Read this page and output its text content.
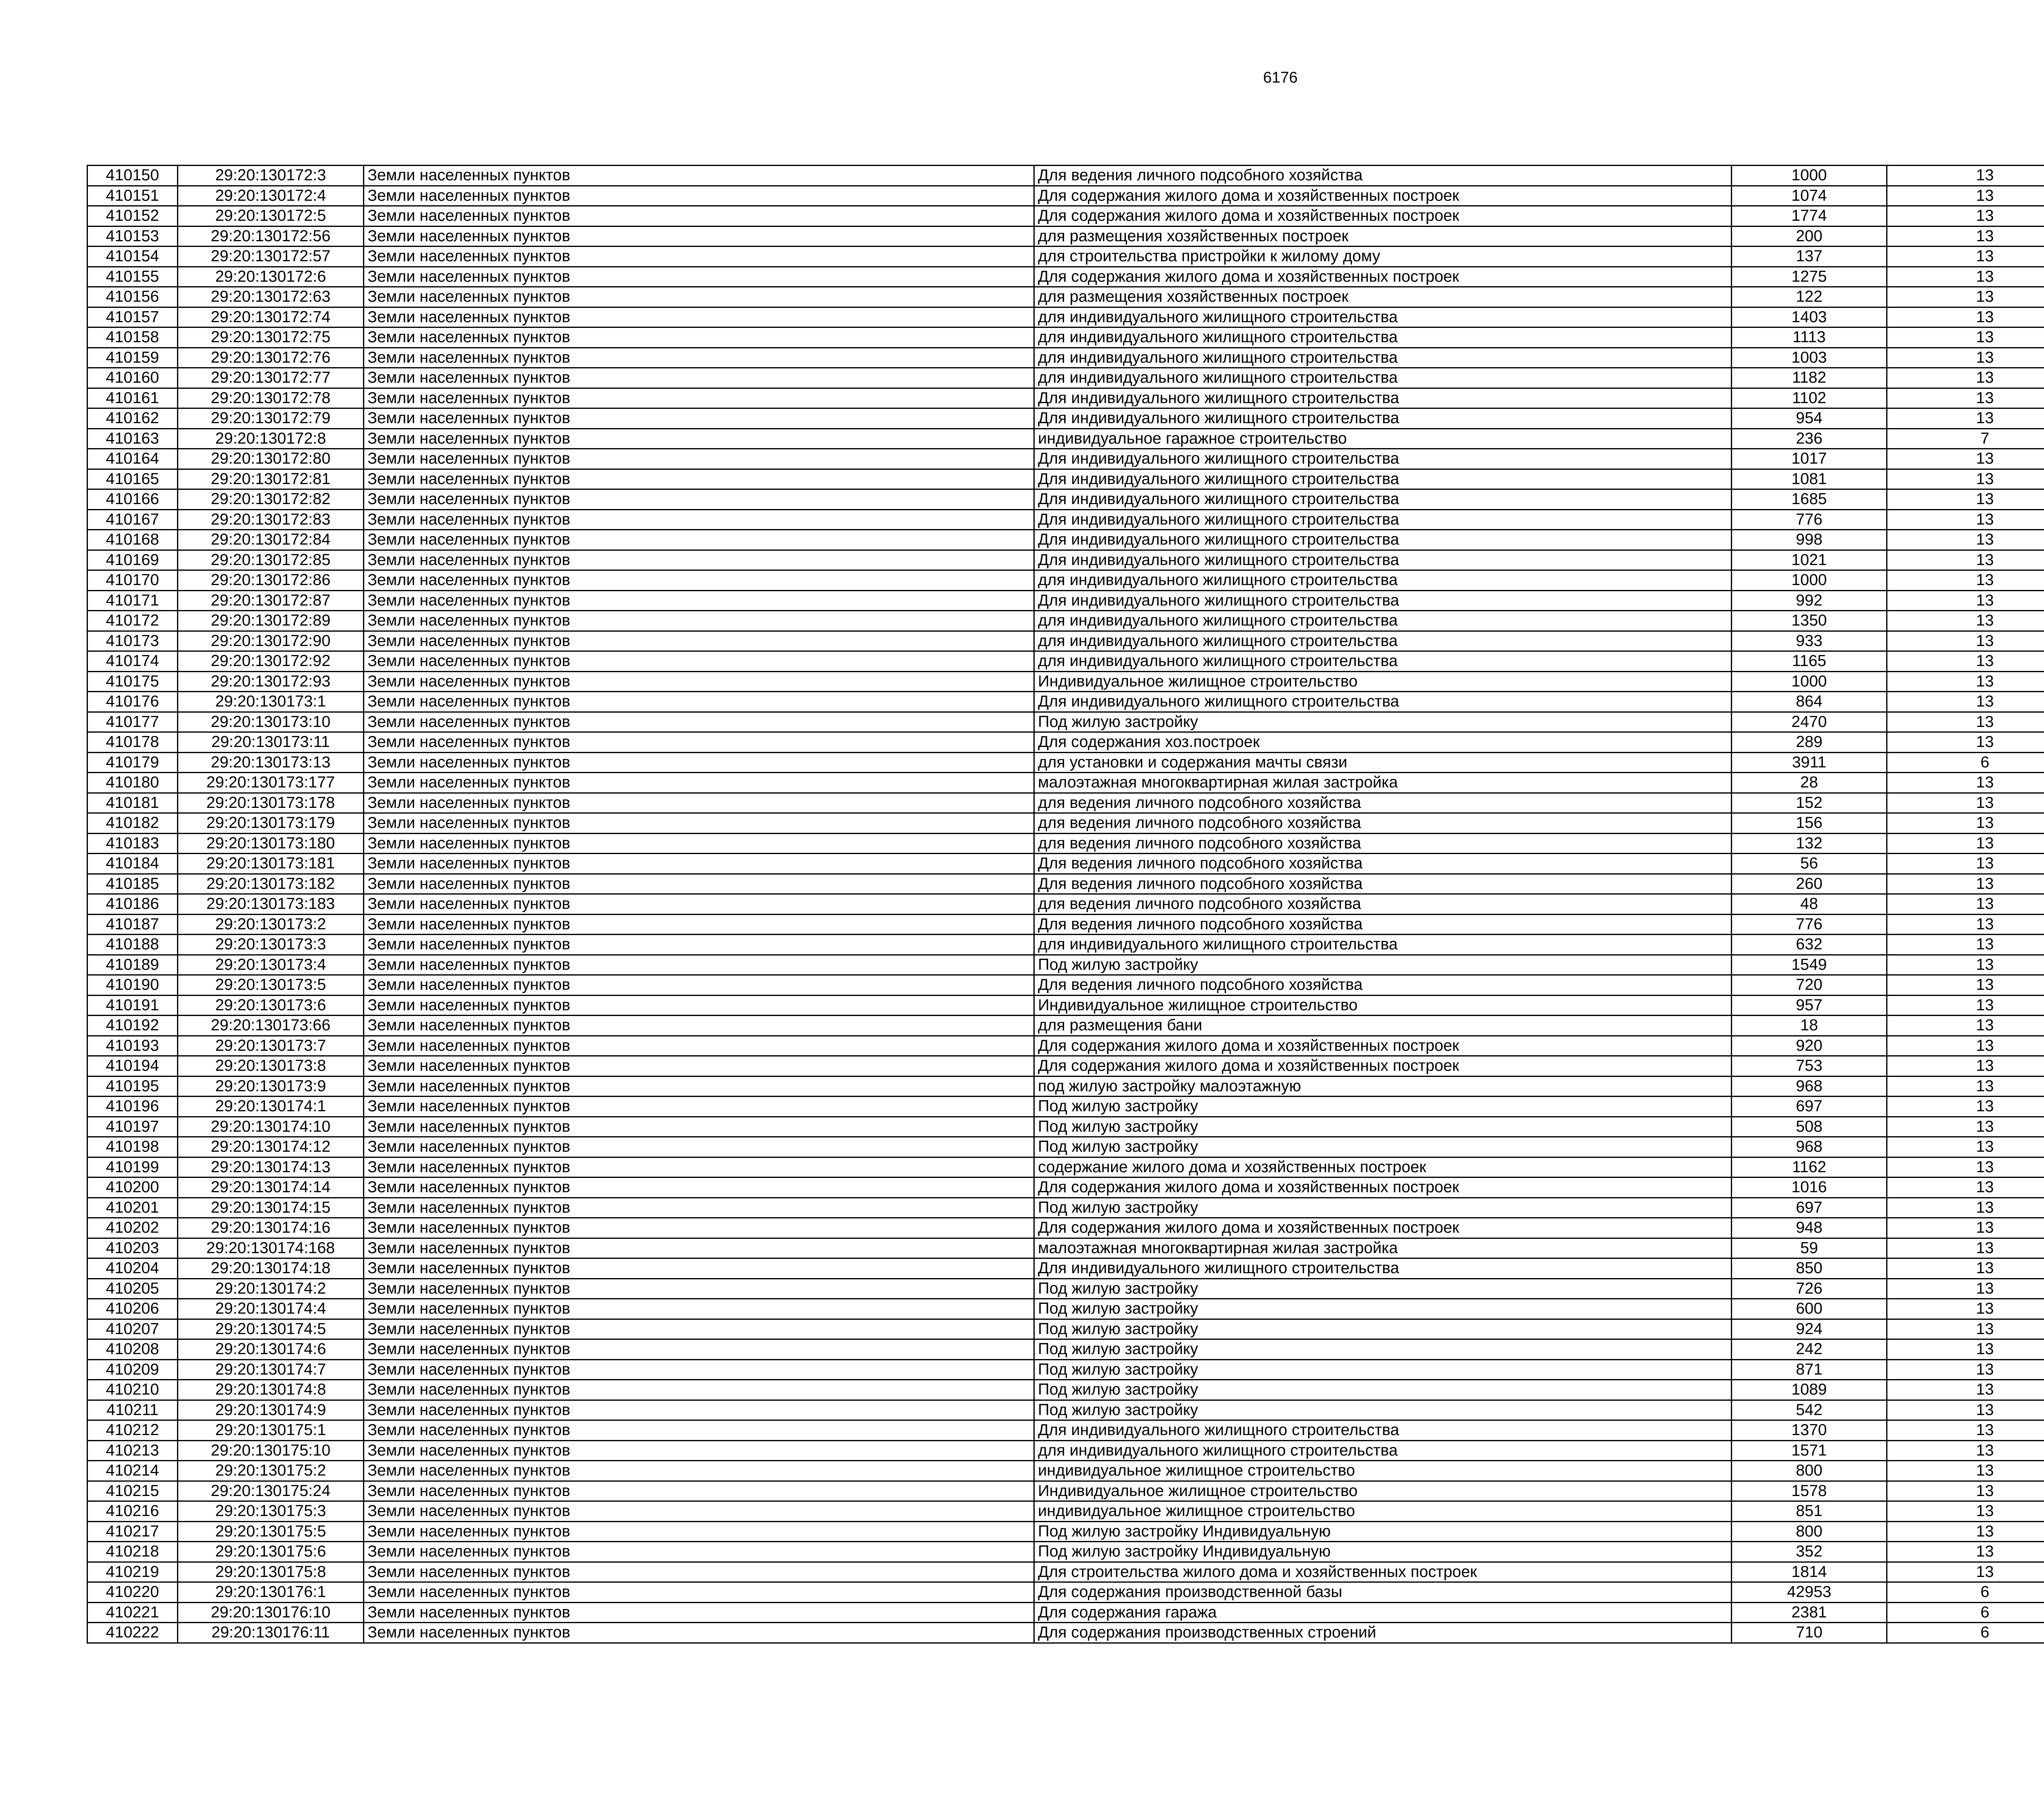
6176
410150	29:20:130172:3	Земли населенных пунктов	Для ведения личного подсобного хозяйства	1000	13		
410151	29:20:130172:4	Земли населенных пунктов	Для содержания жилого дома и хозяйственных построек	1074	13		
410152	29:20:130172:5	Земли населенных пунктов	Для содержания жилого дома и хозяйственных построек	1774	13		
410153	29:20:130172:56	Земли населенных пунктов	для размещения хозяйственных построек	200	13		
410154	29:20:130172:57	Земли населенных пунктов	для строительства пристройки к жилому дому	137	13		
410155	29:20:130172:6	Земли населенных пунктов	Для содержания жилого дома и хозяйственных построек	1275	13		
410156	29:20:130172:63	Земли населенных пунктов	для размещения хозяйственных построек	122	13		
410157	29:20:130172:74	Земли населенных пунктов	для индивидуального жилищного строительства	1403	13		
410158	29:20:130172:75	Земли населенных пунктов	для индивидуального жилищного строительства	1113	13		
410159	29:20:130172:76	Земли населенных пунктов	для индивидуального жилищного строительства	1003	13		
410160	29:20:130172:77	Земли населенных пунктов	для индивидуального жилищного строительства	1182	13		
410161	29:20:130172:78	Земли населенных пунктов	Для индивидуального жилищного строительства	1102	13		
410162	29:20:130172:79	Земли населенных пунктов	Для индивидуального жилищного строительства	954	13		
410163	29:20:130172:8	Земли населенных пунктов	индивидуальное гаражное строительство	236	7		
410164	29:20:130172:80	Земли населенных пунктов	Для индивидуального жилищного строительства	1017	13		
410165	29:20:130172:81	Земли населенных пунктов	Для индивидуального жилищного строительства	1081	13		
410166	29:20:130172:82	Земли населенных пунктов	Для индивидуального жилищного строительства	1685	13		
410167	29:20:130172:83	Земли населенных пунктов	Для индивидуального жилищного строительства	776	13		
410168	29:20:130172:84	Земли населенных пунктов	Для индивидуального жилищного строительства	998	13		
410169	29:20:130172:85	Земли населенных пунктов	Для индивидуального жилищного строительства	1021	13		
410170	29:20:130172:86	Земли населенных пунктов	для индивидуального жилищного строительства	1000	13		
410171	29:20:130172:87	Земли населенных пунктов	Для индивидуального жилищного строительства	992	13		
410172	29:20:130172:89	Земли населенных пунктов	для индивидуального жилищного строительства	1350	13		
410173	29:20:130172:90	Земли населенных пунктов	для индивидуального жилищного строительства	933	13		
410174	29:20:130172:92	Земли населенных пунктов	для индивидуального жилищного строительства	1165	13		
410175	29:20:130172:93	Земли населенных пунктов	Индивидуальное жилищное строительство	1000	13		
410176	29:20:130173:1	Земли населенных пунктов	Для индивидуального жилищного строительства	864	13		
410177	29:20:130173:10	Земли населенных пунктов	Под жилую застройку	2470	13		
410178	29:20:130173:11	Земли населенных пунктов	Для содержания хоз.построек	289	13		
410179	29:20:130173:13	Земли населенных пунктов	для установки и содержания мачты связи	3911	6		
410180	29:20:130173:177	Земли населенных пунктов	малоэтажная многоквартирная жилая застройка	28	13		
410181	29:20:130173:178	Земли населенных пунктов	для ведения личного подсобного хозяйства	152	13		
410182	29:20:130173:179	Земли населенных пунктов	для ведения личного подсобного хозяйства	156	13		
410183	29:20:130173:180	Земли населенных пунктов	для ведения личного подсобного хозяйства	132	13		
410184	29:20:130173:181	Земли населенных пунктов	Для ведения личного подсобного хозяйства	56	13		
410185	29:20:130173:182	Земли населенных пунктов	Для ведения личного подсобного хозяйства	260	13		
410186	29:20:130173:183	Земли населенных пунктов	для ведения личного подсобного хозяйства	48	13		
410187	29:20:130173:2	Земли населенных пунктов	Для ведения личного подсобного хозяйства	776	13		
410188	29:20:130173:3	Земли населенных пунктов	для индивидуального жилищного строительства	632	13		
410189	29:20:130173:4	Земли населенных пунктов	Под жилую застройку	1549	13		
410190	29:20:130173:5	Земли населенных пунктов	Для ведения личного подсобного хозяйства	720	13		
410191	29:20:130173:6	Земли населенных пунктов	Индивидуальное жилищное строительство	957	13		
410192	29:20:130173:66	Земли населенных пунктов	для размещения бани	18	13		
410193	29:20:130173:7	Земли населенных пунктов	Для содержания жилого дома и хозяйственных построек	920	13		
410194	29:20:130173:8	Земли населенных пунктов	Для содержания жилого дома и хозяйственных построек	753	13		
410195	29:20:130173:9	Земли населенных пунктов	под жилую застройку малоэтажную	968	13		
410196	29:20:130174:1	Земли населенных пунктов	Под жилую застройку	697	13		
410197	29:20:130174:10	Земли населенных пунктов	Под жилую застройку	508	13		
410198	29:20:130174:12	Земли населенных пунктов	Под жилую застройку	968	13		
410199	29:20:130174:13	Земли населенных пунктов	содержание жилого дома и хозяйственных построек	1162	13		
410200	29:20:130174:14	Земли населенных пунктов	Для содержания жилого дома и хозяйственных построек	1016	13		
410201	29:20:130174:15	Земли населенных пунктов	Под жилую застройку	697	13		
410202	29:20:130174:16	Земли населенных пунктов	Для содержания жилого дома и хозяйственных построек	948	13		
410203	29:20:130174:168	Земли населенных пунктов	малоэтажная многоквартирная жилая застройка	59	13		
410204	29:20:130174:18	Земли населенных пунктов	Для индивидуального жилищного строительства	850	13		
410205	29:20:130174:2	Земли населенных пунктов	Под жилую застройку	726	13		
410206	29:20:130174:4	Земли населенных пунктов	Под жилую застройку	600	13		
410207	29:20:130174:5	Земли населенных пунктов	Под жилую застройку	924	13		
410208	29:20:130174:6	Земли населенных пунктов	Под жилую застройку	242	13		
410209	29:20:130174:7	Земли населенных пунктов	Под жилую застройку	871	13		
410210	29:20:130174:8	Земли населенных пунктов	Под жилую застройку	1089	13		
410211	29:20:130174:9	Земли населенных пунктов	Под жилую застройку	542	13		
410212	29:20:130175:1	Земли населенных пунктов	Для индивидуального жилищного строительства	1370	13		
410213	29:20:130175:10	Земли населенных пунктов	для индивидуального жилищного строительства	1571	13		
410214	29:20:130175:2	Земли населенных пунктов	индивидуальное жилищное строительство	800	13		
410215	29:20:130175:24	Земли населенных пунктов	Индивидуальное жилищное строительство	1578	13		
410216	29:20:130175:3	Земли населенных пунктов	индивидуальное жилищное строительство	851	13		
410217	29:20:130175:5	Земли населенных пунктов	Под жилую застройку Индивидуальную	800	13		
410218	29:20:130175:6	Земли населенных пунктов	Под жилую застройку Индивидуальную	352	13		
410219	29:20:130175:8	Земли населенных пунктов	Для строительства жилого дома и хозяйственных построек	1814	13		
410220	29:20:130176:1	Земли населенных пунктов	Для содержания производственной базы	42953	6		
410221	29:20:130176:10	Земли населенных пунктов	Для содержания гаража	2381	6		
410222	29:20:130176:11	Земли населенных пунктов	Для содержания производственных строений	710	6		
